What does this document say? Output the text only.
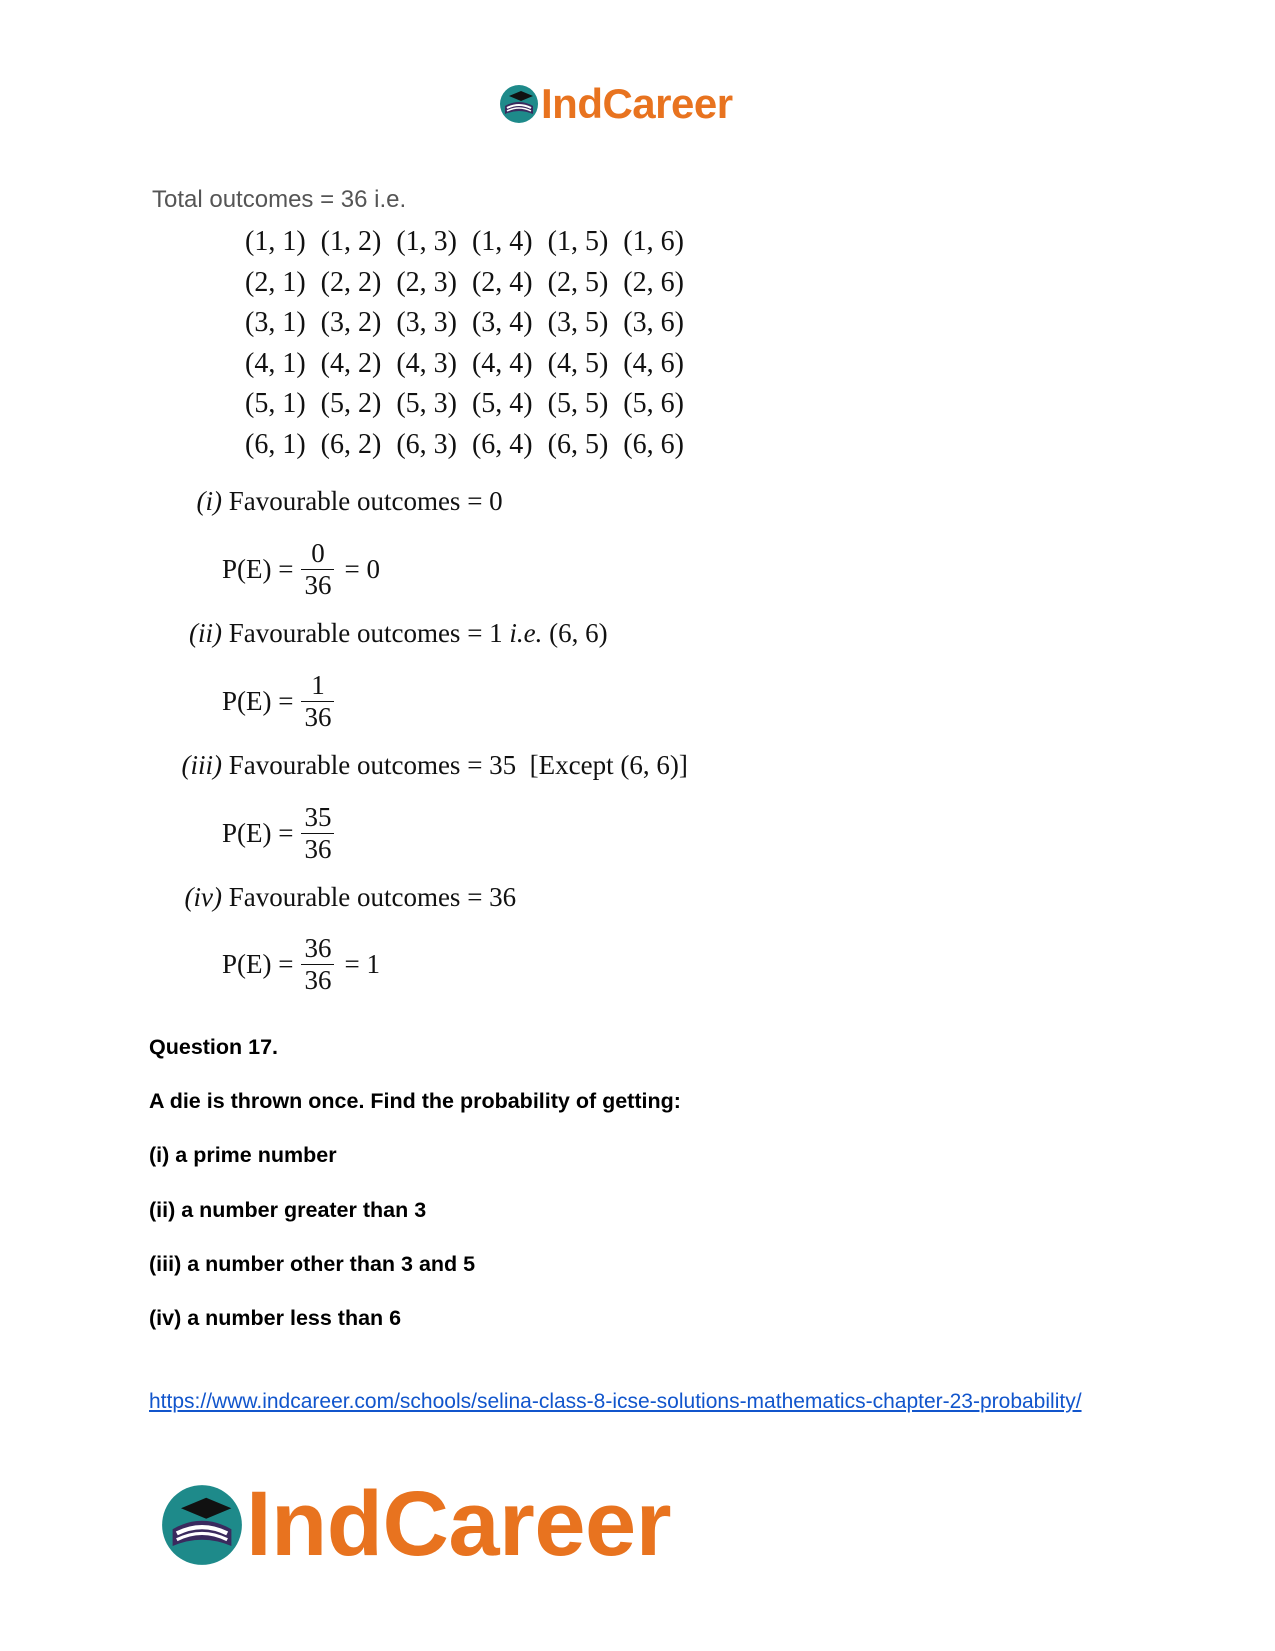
IndCareer
Total outcomes = 36 i.e.
(1, 1) (1, 2) (1, 3) (1, 4) (1, 5) (1, 6)
(2, 1) (2, 2) (2, 3) (2, 4) (2, 5) (2, 6)
(3, 1) (3, 2) (3, 3) (3, 4) (3, 5) (3, 6)
(4, 1) (4, 2) (4, 3) (4, 4) (4, 5) (4, 6)
(5, 1) (5, 2) (5, 3) (5, 4) (5, 5) (5, 6)
(6, 1) (6, 2) (6, 3) (6, 4) (6, 5) (6, 6)
(i) Favourable outcomes = 0
$P(E) = \frac{0}{36} = 0$
(ii) Favourable outcomes = 1 i.e. (6, 6)
$P(E) = \frac{1}{36}$
(iii) Favourable outcomes = 35  [Except (6, 6)]
$P(E) = \frac{35}{36}$
(iv) Favourable outcomes = 36
$P(E) = \frac{36}{36} = 1$
Question 17.
A die is thrown once. Find the probability of getting:
(i) a prime number
(ii) a number greater than 3
(iii) a number other than 3 and 5
(iv) a number less than 6
https://www.indcareer.com/schools/selina-class-8-icse-solutions-mathematics-chapter-23-probability/
IndCareer
